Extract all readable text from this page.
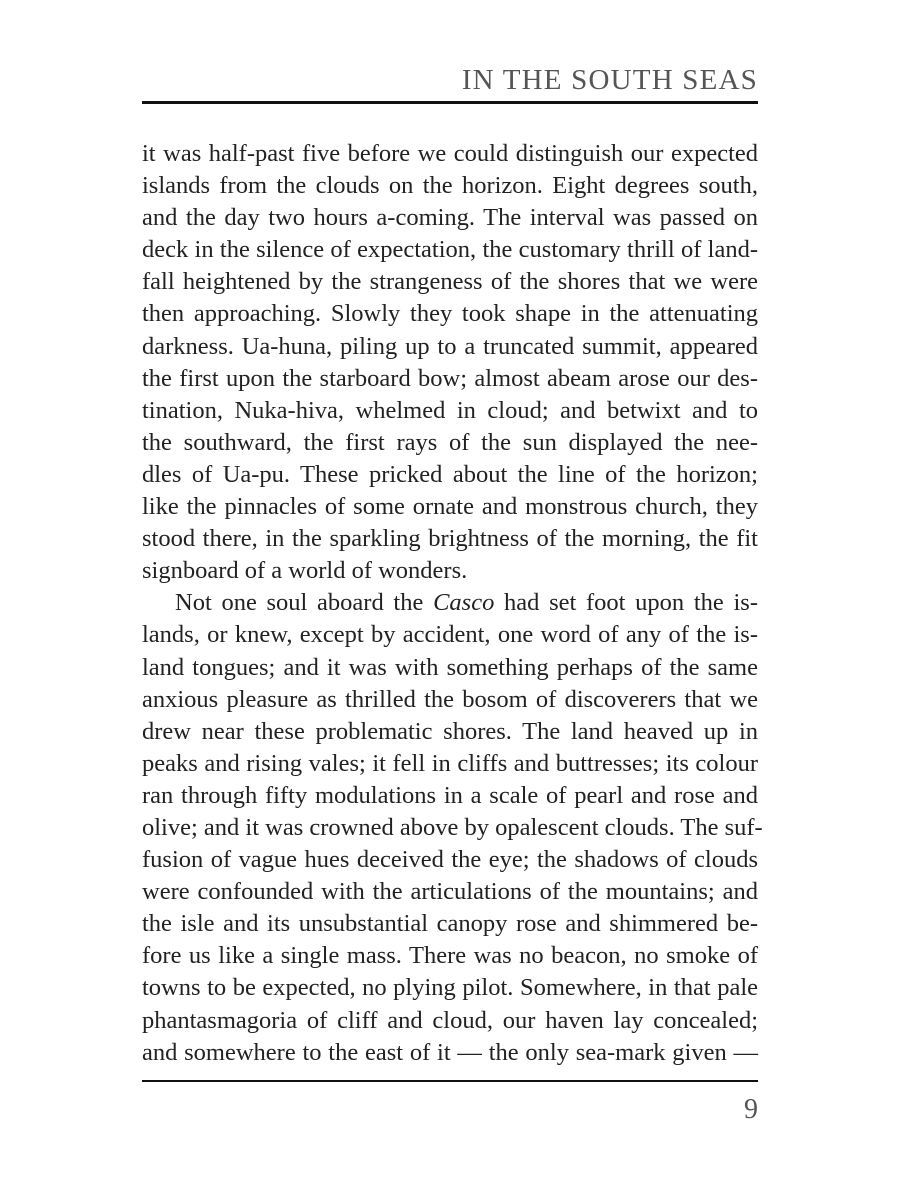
IN THE SOUTH SEAS
it was half-past five before we could distinguish our expected
islands from the clouds on the horizon. Eight degrees south,
and the day two hours a-coming. The interval was passed on
deck in the silence of expectation, the customary thrill of land-
fall heightened by the strangeness of the shores that we were
then approaching. Slowly they took shape in the attenuating
darkness. Ua-huna, piling up to a truncated summit, appeared
the first upon the starboard bow; almost abeam arose our des-
tination, Nuka-hiva, whelmed in cloud; and betwixt and to
the southward, the first rays of the sun displayed the nee-
dles of Ua-pu. These pricked about the line of the horizon;
like the pinnacles of some ornate and monstrous church, they
stood there, in the sparkling brightness of the morning, the fit
signboard of a world of wonders.
Not one soul aboard the Casco had set foot upon the is-
lands, or knew, except by accident, one word of any of the is-
land tongues; and it was with something perhaps of the same
anxious pleasure as thrilled the bosom of discoverers that we
drew near these problematic shores. The land heaved up in
peaks and rising vales; it fell in cliffs and buttresses; its colour
ran through fifty modulations in a scale of pearl and rose and
olive; and it was crowned above by opalescent clouds. The suf-
fusion of vague hues deceived the eye; the shadows of clouds
were confounded with the articulations of the mountains; and
the isle and its unsubstantial canopy rose and shimmered be-
fore us like a single mass. There was no beacon, no smoke of
towns to be expected, no plying pilot. Somewhere, in that pale
phantasmagoria of cliff and cloud, our haven lay concealed;
and somewhere to the east of it — the only sea-mark given —
9
